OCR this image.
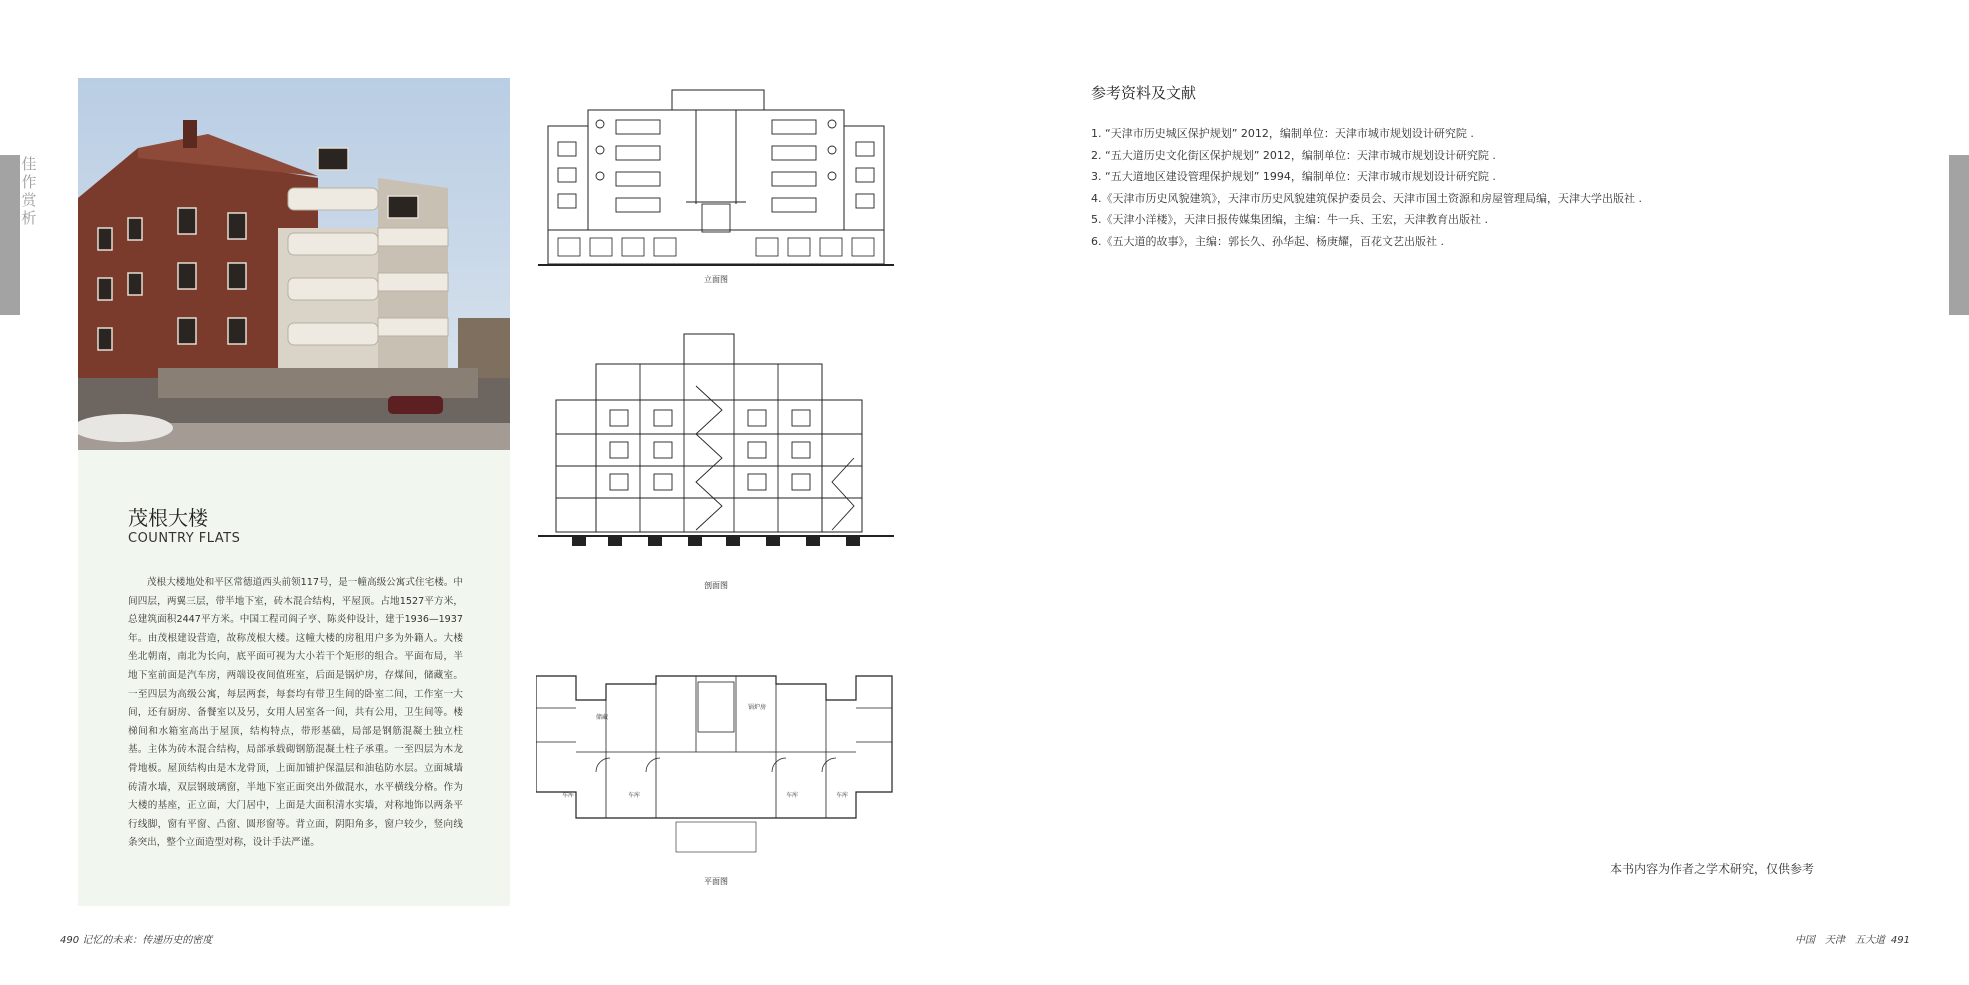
佳作赏析
茂根大楼
COUNTRY FLATS
茂根大楼地处和平区常德道西头前领117号，是一幢高级公寓式住宅楼。中间四层，两翼三层，带半地下室，砖木混合结构，平屋顶。占地1527平方米，总建筑面积2447平方米。中国工程司阎子亨、陈炎仲设计，建于1936—1937年。由茂根建设营造，故称茂根大楼。这幢大楼的房租用户多为外籍人。大楼坐北朝南，南北为长向，底平面可视为大小若干个矩形的组合。平面布局，半地下室前面是汽车房，两端设夜间值班室，后面是锅炉房，存煤间，储藏室。一至四层为高级公寓，每层两套，每套均有带卫生间的卧室二间，工作室一大间，还有厨房、备餐室以及另，女用人居室各一间，共有公用，卫生间等。楼梯间和水箱室高出于屋顶，结构特点，带形基础，局部是钢筋混凝土独立柱基。主体为砖木混合结构，局部承载砌钢筋混凝土柱子承重。一至四层为木龙骨地板。屋顶结构由是木龙骨顶，上面加铺护保温层和油毡防水层。立面城墙砖清水墙，双层钢玻璃窗，半地下室正面突出外做混水，水平横线分格。作为大楼的基座，正立面，大门居中，上面是大面积清水实墙，对称地饰以两条平行线脚，窗有平窗、凸窗、圆形窗等。背立面，阴阳角多，窗户较少，竖向线条突出，整个立面造型对称，设计手法严谨。
立面图
剖面图
储藏
锅炉房
车库	车库	车库	车库
平面图
参考资料及文献
1. “天津市历史城区保护规划” 2012，编制单位：天津市城市规划设计研究院 .
2. “五大道历史文化街区保护规划” 2012，编制单位：天津市城市规划设计研究院 .
3. “五大道地区建设管理保护规划” 1994，编制单位：天津市城市规划设计研究院 .
4.《天津市历史风貌建筑》，天津市历史风貌建筑保护委员会、天津市国土资源和房屋管理局编，天津大学出版社 .
5.《天津小洋楼》，天津日报传媒集团编，主编：牛一兵、王宏，天津教育出版社 .
6.《五大道的故事》，主编：郭长久、孙华起、杨庚耀，百花文艺出版社 .
本书内容为作者之学术研究，仅供参考
490 记忆的未来：传递历史的密度	中国　天津　五大道 491
